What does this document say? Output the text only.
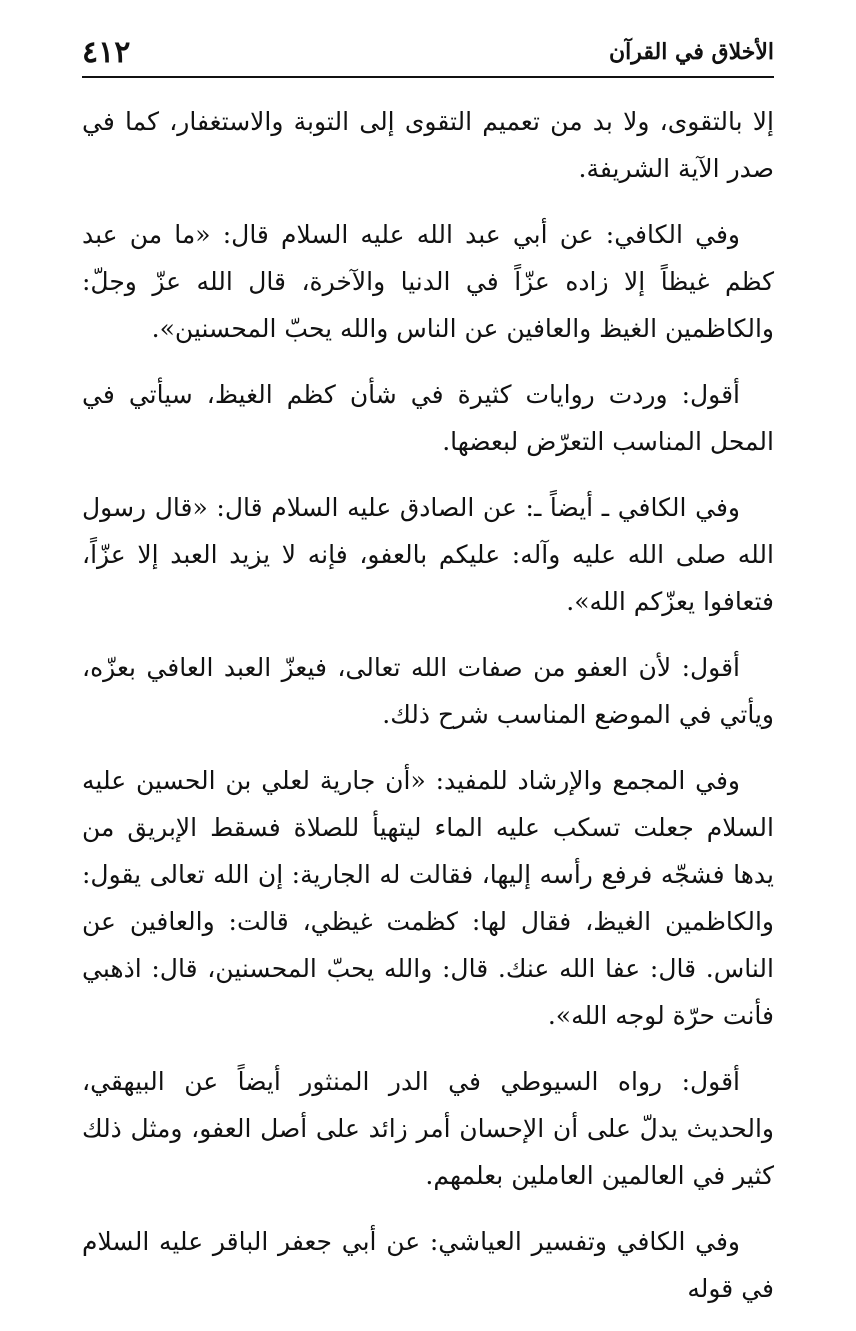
الأخلاق في القرآن
٤١٢

إلا بالتقوى، ولا بد من تعميم التقوى إلى التوبة والاستغفار، كما في صدر الآية الشريفة.

وفي الكافي: عن أبي عبد الله عليه السلام قال: «ما من عبد كظم غيظاً إلا زاده عزّاً في الدنيا والآخرة، قال الله عزّ وجلّ: والكاظمين الغيظ والعافين عن الناس والله يحبّ المحسنين».

أقول: وردت روايات كثيرة في شأن كظم الغيظ، سيأتي في المحل المناسب التعرّض لبعضها.

وفي الكافي ـ أيضاً ـ: عن الصادق عليه السلام قال: «قال رسول الله صلى الله عليه وآله: عليكم بالعفو، فإنه لا يزيد العبد إلا عزّاً، فتعافوا يعزّكم الله».

أقول: لأن العفو من صفات الله تعالى، فيعزّ العبد العافي بعزّه، ويأتي في الموضع المناسب شرح ذلك.

وفي المجمع والإرشاد للمفيد: «أن جارية لعلي بن الحسين عليه السلام جعلت تسكب عليه الماء ليتهيأ للصلاة فسقط الإبريق من يدها فشجّه فرفع رأسه إليها، فقالت له الجارية: إن الله تعالى يقول: والكاظمين الغيظ، فقال لها: كظمت غيظي، قالت: والعافين عن الناس. قال: عفا الله عنك. قال: والله يحبّ المحسنين، قال: اذهبي فأنت حرّة لوجه الله».

أقول: رواه السيوطي في الدر المنثور أيضاً عن البيهقي، والحديث يدلّ على أن الإحسان أمر زائد على أصل العفو، ومثل ذلك كثير في العالمين العاملين بعلمهم.

وفي الكافي وتفسير العياشي: عن أبي جعفر الباقر عليه السلام في قوله
